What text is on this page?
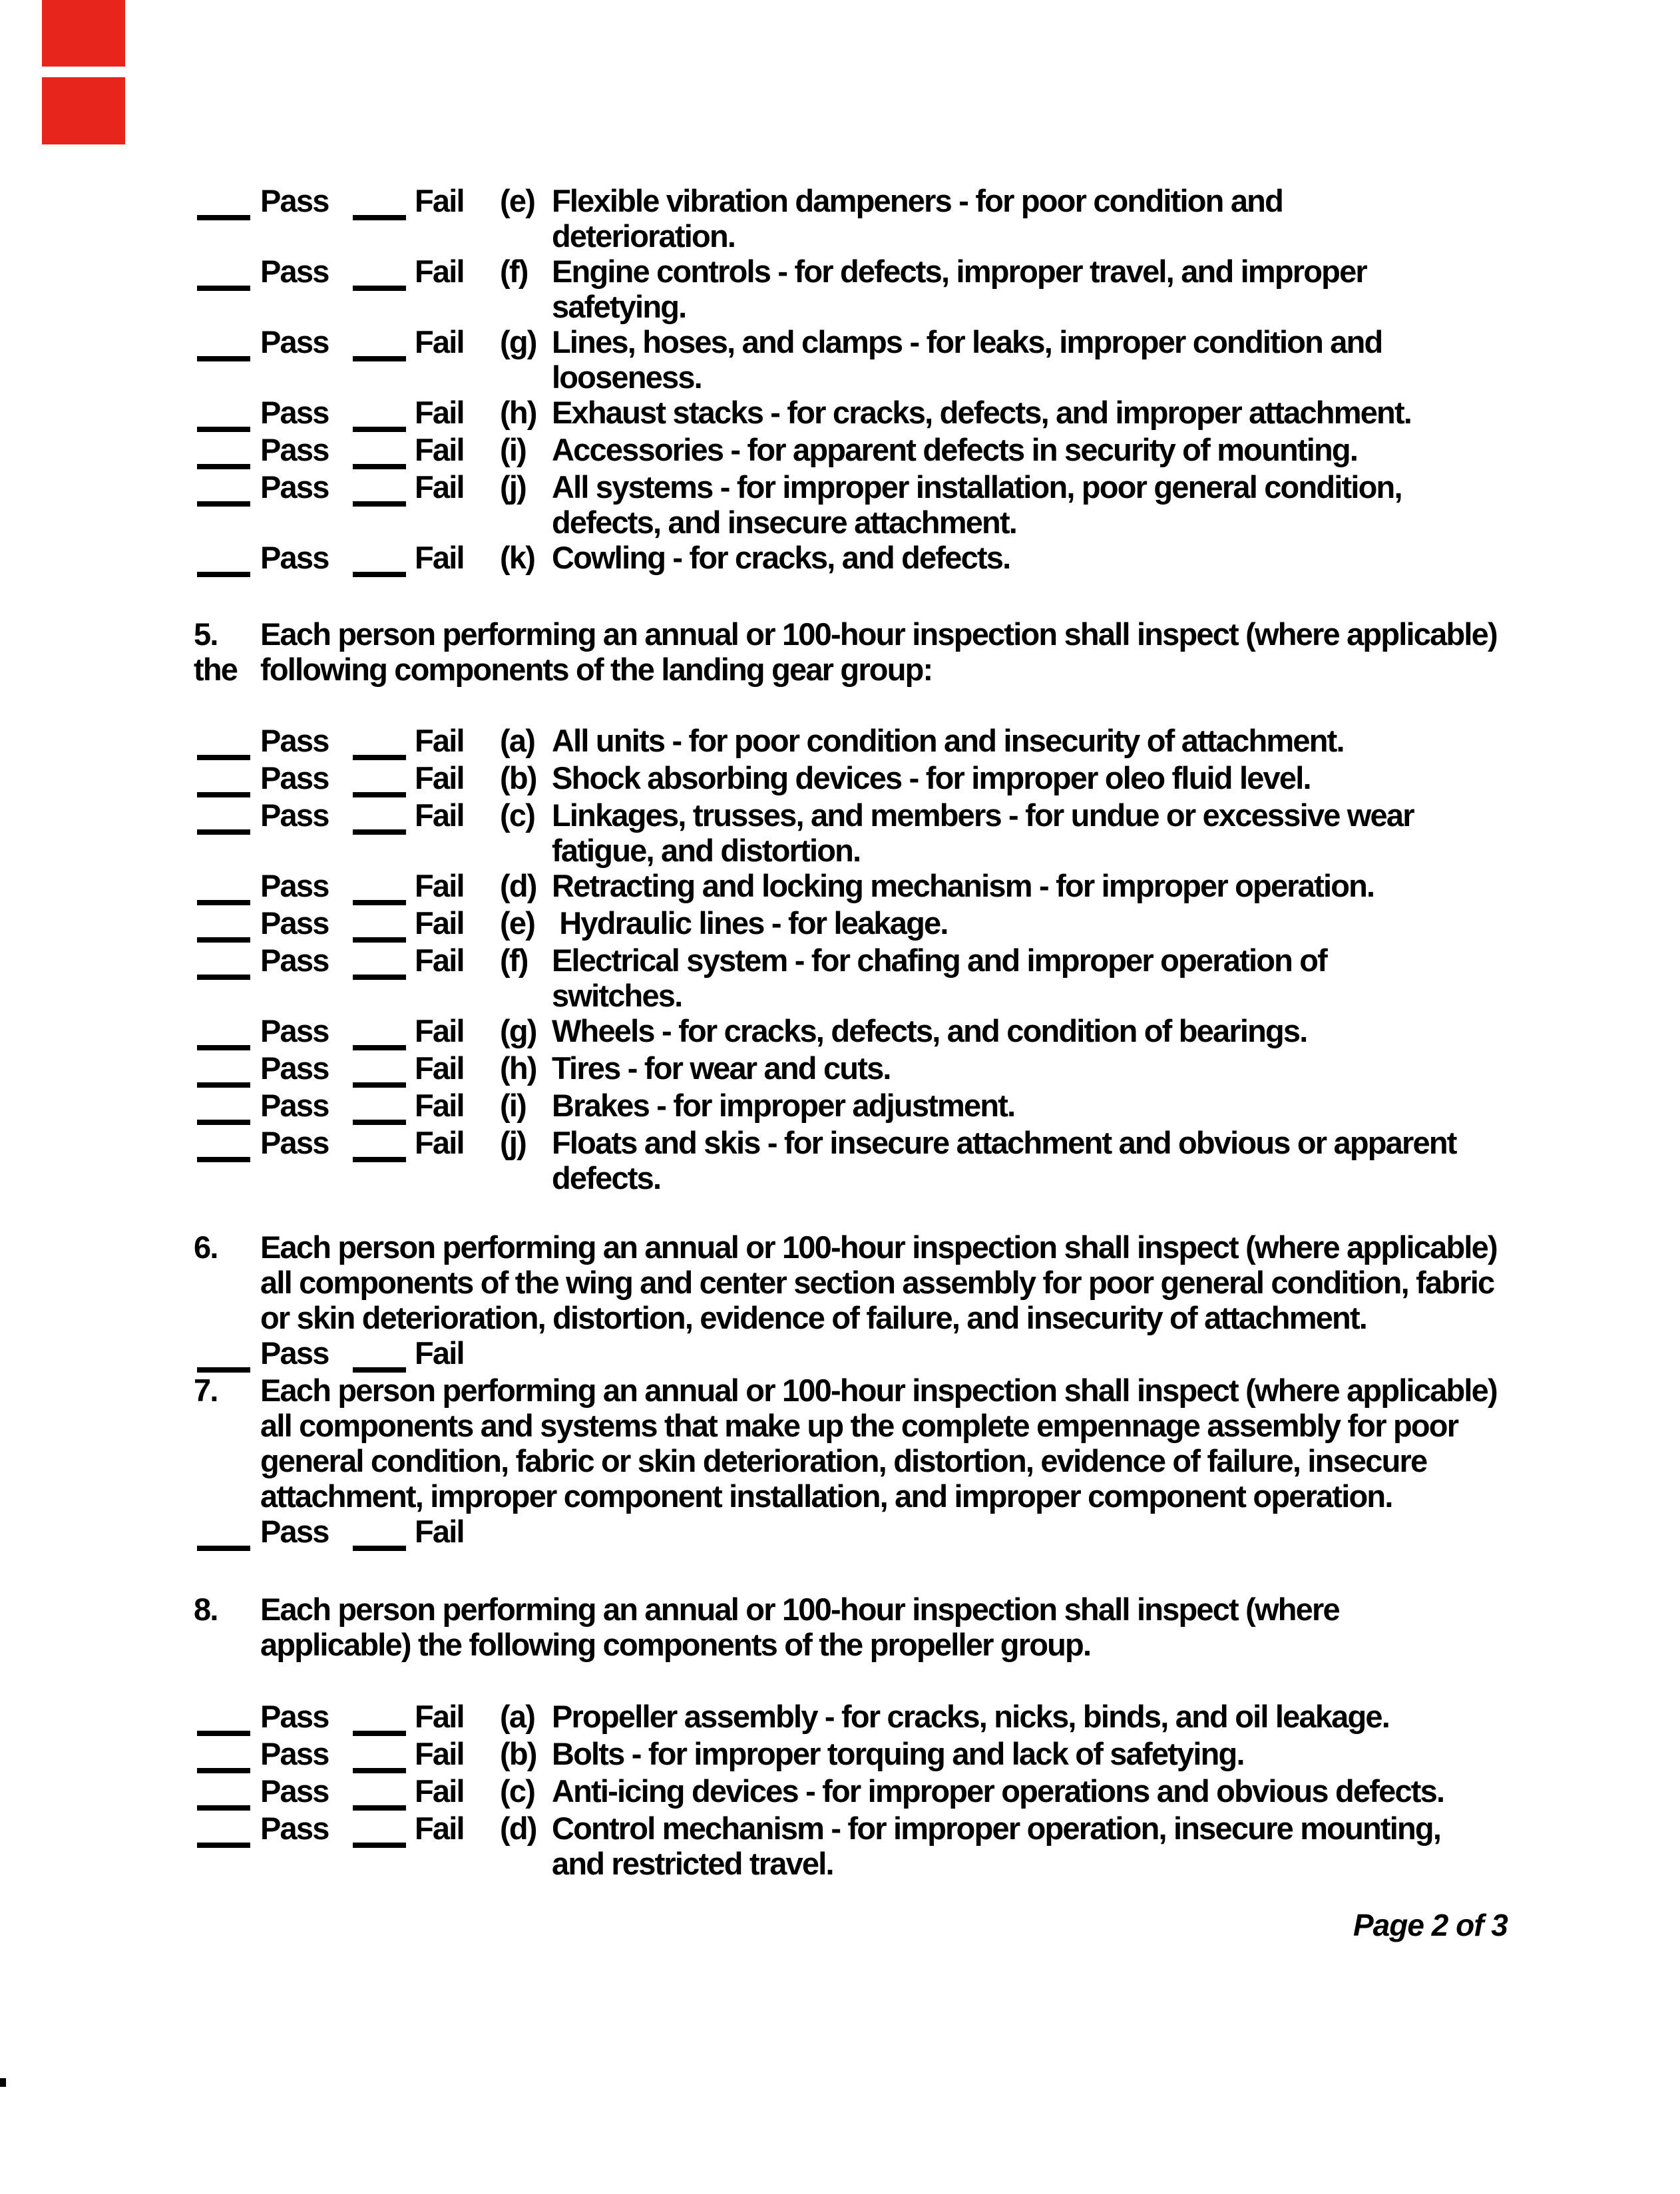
Pass	Fail	(e) Flexible vibration dampeners - for poor condition and
deterioration.
Pass	Fail	(f) Engine controls - for defects, improper travel, and improper
safetying.
Pass	Fail	(g) Lines, hoses, and clamps - for leaks, improper condition and
looseness.
Pass	Fail	(h) Exhaust stacks - for cracks, defects, and improper attachment.
Pass	Fail	(i) Accessories - for apparent defects in security of mounting.
Pass	Fail	(j) All systems - for improper installation, poor general condition,
defects, and insecure attachment.
Pass	Fail	(k) Cowling - for cracks, and defects.
5.	Each person performing an annual or 100-hour inspection shall inspect (where applicable)
the following components of the landing gear group:
Pass	Fail	(a) All units - for poor condition and insecurity of attachment.
Pass	Fail	(b) Shock absorbing devices - for improper oleo fluid level.
Pass	Fail	(c) Linkages, trusses, and members - for undue or excessive wear
fatigue, and distortion.
Pass	Fail	(d) Retracting and locking mechanism - for improper operation.
Pass	Fail	(e) Hydraulic lines - for leakage.
Pass	Fail	(f) Electrical system - for chafing and improper operation of
switches.
Pass	Fail	(g) Wheels - for cracks, defects, and condition of bearings.
Pass	Fail	(h) Tires - for wear and cuts.
Pass	Fail	(i) Brakes - for improper adjustment.
Pass	Fail	(j) Floats and skis - for insecure attachment and obvious or apparent
defects.
6.	Each person performing an annual or 100-hour inspection shall inspect (where applicable)
all components of the wing and center section assembly for poor general condition, fabric
or skin deterioration, distortion, evidence of failure, and insecurity of attachment.
Pass	Fail
7.	Each person performing an annual or 100-hour inspection shall inspect (where applicable)
all components and systems that make up the complete empennage assembly for poor
general condition, fabric or skin deterioration, distortion, evidence of failure, insecure
attachment, improper component installation, and improper component operation.
Pass	Fail
8.	Each person performing an annual or 100-hour inspection shall inspect (where
applicable) the following components of the propeller group.
Pass	Fail	(a) Propeller assembly - for cracks, nicks, binds, and oil leakage.
Pass	Fail	(b) Bolts - for improper torquing and lack of safetying.
Pass	Fail	(c) Anti-icing devices - for improper operations and obvious defects.
Pass	Fail	(d) Control mechanism - for improper operation, insecure mounting,
and restricted travel.
Page 2 of 3
